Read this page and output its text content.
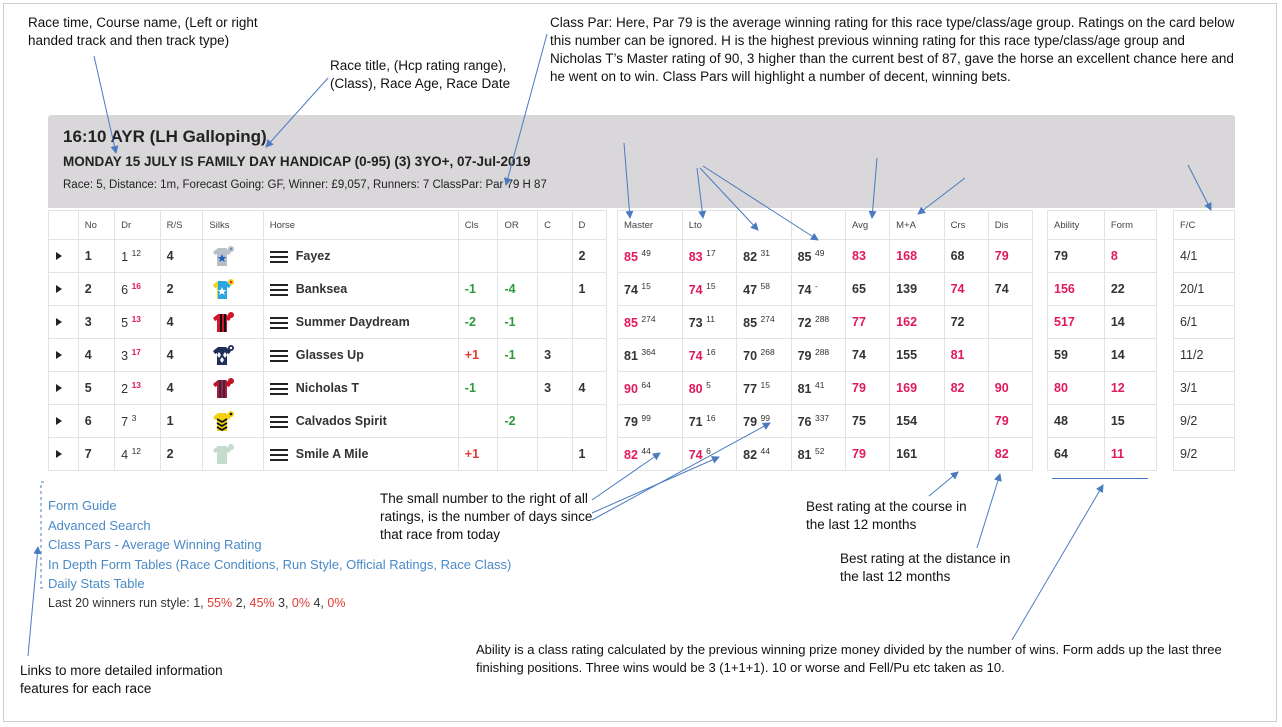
Race time, Course name, (Left or right handed track and then track type)
Race title, (Hcp rating range), (Class), Race Age, Race Date
Class Par: Here, Par 79 is the average winning rating for this race type/class/age group. Ratings on the card below this number can be ignored. H is the highest previous winning rating for this race type/class/age group and Nicholas T’s Master rating of 90, 3 higher than the current best of 87, gave the horse an excellent chance here and he went on to win. Class Pars will highlight a number of decent, winning bets.
The small number to the right of all ratings, is the number of days since that race from today
Best rating at the course in the last 12 months
Best rating at the distance in the last 12 months
Ability is a class rating calculated by the previous winning prize money divided by the number of wins. Form adds up the last three finishing positions. Three wins would be 3 (1+1+1). 10 or worse and Fell/Pu etc taken as 10.
Links to more detailed information features for each race
16:10 AYR (LH Galloping)
MONDAY 15 JULY IS FAMILY DAY HANDICAP (0-95) (3) 3YO+, 07-Jul-2019
Race: 5, Distance: 1m, Forecast Going: GF, Winner: £9,057, Runners: 7 ClassPar: Par 79 H 87
	No	Dr	R/S	Silks	Horse	Cls	OR	C	D
	1	1 $^{12}$	4		Fayez				2
	2	6 $^{16}$	2		Banksea	-1	-4		1
	3	5 $^{13}$	4		Summer Daydream	-2	-1		
	4	3 $^{17}$	4		Glasses Up	+1	-1	3	
	5	2 $^{13}$	4		Nicholas T	-1		3	4
	6	7 $^3$	1		Calvados Spirit		-2		
	7	4 $^{12}$	2		Smile A Mile	+1			1
Master	Lto			Avg	M+A	Crs	Dis
85 $^{49}$	83 $^{17}$	82 $^{31}$	85 $^{49}$	83	168	68	79
74 $^{15}$	74 $^{15}$	47 $^{58}$	74 -	65	139	74	74
85 $^{274}$	73 $^{11}$	85 $^{274}$	72 $^{288}$	77	162	72	
81 $^{364}$	74 $^{16}$	70 $^{268}$	79 $^{288}$	74	155	81	
90 $^{64}$	80 $^5$	77 $^{15}$	81 $^{41}$	79	169	82	90
79 $^{99}$	71 $^{16}$	79 $^{99}$	76 $^{337}$	75	154		79
82 $^{44}$	74 $^6$	82 $^{44}$	81 $^{52}$	79	161		82
Ability	Form
79	8
156	22
517	14
59	14
80	12
48	15
64	11
F/C
4/1
20/1
6/1
11/2
3/1
9/2
9/2
Form Guide
Advanced Search
Class Pars - Average Winning Rating
In Depth Form Tables (Race Conditions, Run Style, Official Ratings, Race Class)
Daily Stats Table
Last 20 winners run style: 1, 55% 2, 45% 3, 0% 4, 0%
